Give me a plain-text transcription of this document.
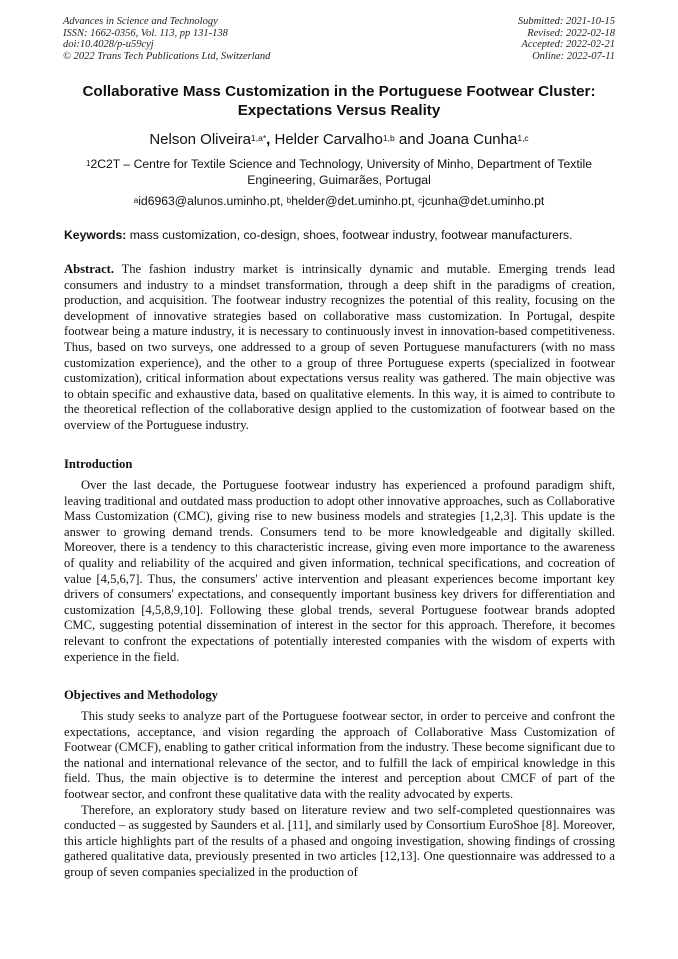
Advances in Science and Technology
ISSN: 1662-0356, Vol. 113, pp 131-138
doi:10.4028/p-u59cyj
© 2022 Trans Tech Publications Ltd, Switzerland
Submitted: 2021-10-15
Revised: 2022-02-18
Accepted: 2022-02-21
Online: 2022-07-11
Collaborative Mass Customization in the Portuguese Footwear Cluster:
Expectations Versus Reality
Nelson Oliveira$^{1,a*}$, Helder Carvalho$^{1,b}$ and Joana Cunha$^{1,c}$
$^1$2C2T – Centre for Textile Science and Technology, University of Minho, Department of Textile
Engineering, Guimarães, Portugal
$^a$id6963@alunos.uminho.pt, $^b$helder@det.uminho.pt, $^c$jcunha@det.uminho.pt
Keywords: mass customization, co-design, shoes, footwear industry, footwear manufacturers.

Abstract. The fashion industry market is intrinsically dynamic and mutable. Emerging trends lead consumers and industry to a mindset transformation, through a deep shift in the paradigms of creation, production, and acquisition. The footwear industry recognizes the potential of this reality, focusing on the development of innovative strategies based on collaborative mass customization. In Portugal, despite footwear being a mature industry, it is necessary to continuously invest in innovation-based competitiveness. Thus, based on two surveys, one addressed to a group of seven Portuguese manufacturers (with no mass customization experience), and the other to a group of three Portuguese experts (specialized in footwear customization), critical information about expectations versus reality was gathered. The main objective was to obtain specific and exhaustive data, based on qualitative elements. In this way, it is aimed to contribute to the theoretical reflection of the collaborative design applied to the customization of footwear based on the overview of the Portuguese industry.

Introduction

Over the last decade, the Portuguese footwear industry has experienced a profound paradigm shift, leaving traditional and outdated mass production to adopt other innovative approaches, such as Collaborative Mass Customization (CMC), giving rise to new business models and strategies [1,2,3]. This update is the answer to growing demand trends. Consumers tend to be more knowledgeable and digitally skilled. Moreover, there is a tendency to this characteristic increase, giving even more importance to the awareness of quality and reliability of the acquired and given information, technical specifications, and cocreation of value [4,5,6,7]. Thus, the consumers' active intervention and pleasant experiences become important key drivers of consumers' expectations, and consequently important business key drivers for differentiation and customization [4,5,8,9,10]. Following these global trends, several Portuguese footwear brands adopted CMC, suggesting potential dissemination of interest in the sector for this approach. Therefore, it becomes relevant to confront the expectations of potentially interested companies with the wisdom of experts with experience in the field.

Objectives and Methodology

This study seeks to analyze part of the Portuguese footwear sector, in order to perceive and confront the expectations, acceptance, and vision regarding the approach of Collaborative Mass Customization of Footwear (CMCF), enabling to gather critical information from the industry. These become significant due to the national and international relevance of the sector, and to fulfill the lack of empirical knowledge in this field. Thus, the main objective is to determine the interest and perception about CMCF of part of the footwear sector, and confront these qualitative data with the reality advocated by experts.

Therefore, an exploratory study based on literature review and two self-completed questionnaires was conducted – as suggested by Saunders et al. [11], and similarly used by Consortium EuroShoe [8]. Moreover, this article highlights part of the results of a phased and ongoing investigation, showing findings of crossing gathered qualitative data, previously presented in two articles [12,13]. One questionnaire was addressed to a group of seven companies specialized in the production of
